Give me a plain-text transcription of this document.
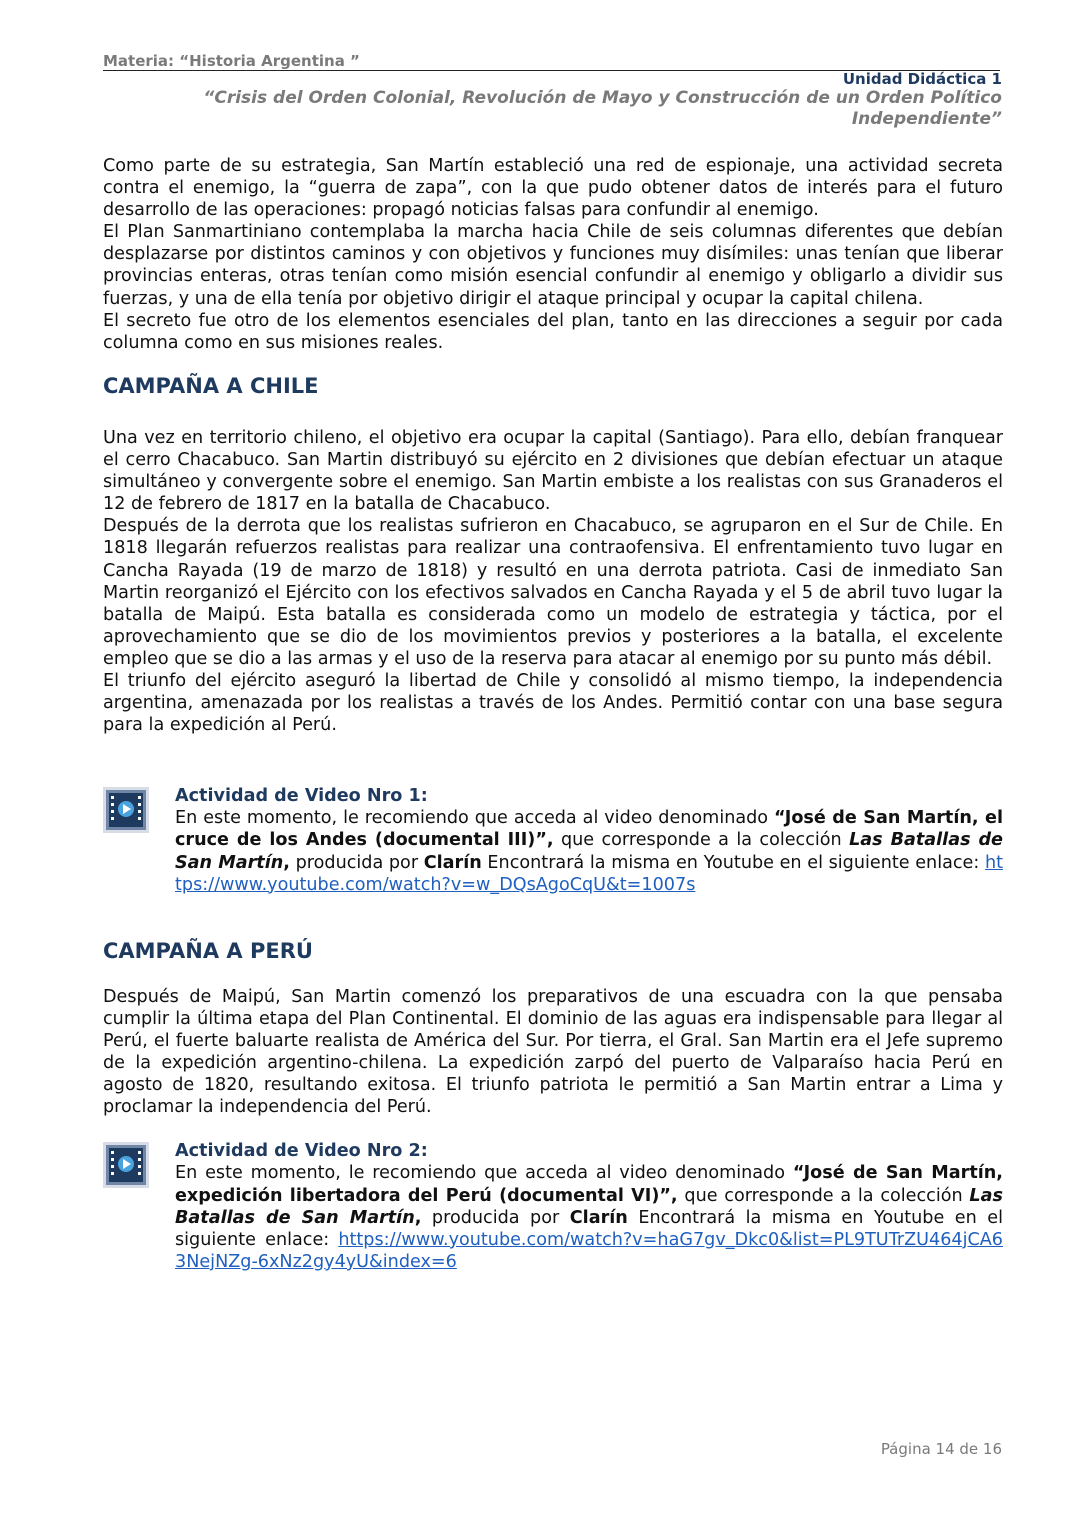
Materia: “Historia Argentina ”
Unidad Didáctica 1
“Crisis del Orden Colonial, Revolución de Mayo y Construcción de un Orden Político Independiente”

Como parte de su estrategia, San Martín estableció una red de espionaje, una actividad secreta contra el enemigo, la “guerra de zapa”, con la que pudo obtener datos de interés para el futuro desarrollo de las operaciones: propagó noticias falsas para confundir al enemigo.

El Plan Sanmartiniano contemplaba la marcha hacia Chile de seis columnas diferentes que debían desplazarse por distintos caminos y con objetivos y funciones muy disímiles: unas tenían que liberar provincias enteras, otras tenían como misión esencial confundir al enemigo y obligarlo a dividir sus fuerzas, y una de ella tenía por objetivo dirigir el ataque principal y ocupar la capital chilena.

El secreto fue otro de los elementos esenciales del plan, tanto en las direcciones a seguir por cada columna como en sus misiones reales.

CAMPAÑA A CHILE

Una vez en territorio chileno, el objetivo era ocupar la capital (Santiago). Para ello, debían franquear el cerro Chacabuco. San Martin distribuyó su ejército en 2 divisiones que debían efectuar un ataque simultáneo y convergente sobre el enemigo. San Martin embiste a los realistas con sus Granaderos el 12 de febrero de 1817 en la batalla de Chacabuco.

Después de la derrota que los realistas sufrieron en Chacabuco, se agruparon en el Sur de Chile. En 1818 llegarán refuerzos realistas para realizar una contraofensiva. El enfrentamiento tuvo lugar en Cancha Rayada (19 de marzo de 1818) y resultó en una derrota patriota. Casi de inmediato San Martin reorganizó el Ejército con los efectivos salvados en Cancha Rayada y el 5 de abril tuvo lugar la batalla de Maipú. Esta batalla es considerada como un modelo de estrategia y táctica, por el aprovechamiento que se dio de los movimientos previos y posteriores a la batalla, el excelente empleo que se dio a las armas y el uso de la reserva para atacar al enemigo por su punto más débil.

El triunfo del ejército aseguró la libertad de Chile y consolidó al mismo tiempo, la independencia argentina, amenazada por los realistas a través de los Andes. Permitió contar con una base segura para la expedición al Perú.

Actividad de Video Nro 1:
En este momento, le recomiendo que acceda al video denominado “José de San Martín, el cruce de los Andes (documental III)”, que corresponde a la colección Las Batallas de San Martín, producida por Clarín Encontrará la misma en Youtube en el siguiente enlace: https://www.youtube.com/watch?v=w_DQsAgoCqU&t=1007s
CAMPAÑA A PERÚ

Después de Maipú, San Martin comenzó los preparativos de una escuadra con la que pensaba cumplir la última etapa del Plan Continental. El dominio de las aguas era indispensable para llegar al Perú, el fuerte baluarte realista de América del Sur. Por tierra, el Gral. San Martin era el Jefe supremo de la expedición argentino-chilena. La expedición zarpó del puerto de Valparaíso hacia Perú en agosto de 1820, resultando exitosa. El triunfo patriota le permitió a San Martin entrar a Lima y proclamar la independencia del Perú.

Actividad de Video Nro 2:
En este momento, le recomiendo que acceda al video denominado “José de San Martín, expedición libertadora del Perú (documental VI)”, que corresponde a la colección Las Batallas de San Martín, producida por Clarín Encontrará la misma en Youtube en el siguiente enlace: https://www.youtube.com/watch?v=haG7gv_Dkc0&list=PL9TUTrZU464jCA63NejNZg-6xNz2gy4yU&index=6
Página 14 de 16
